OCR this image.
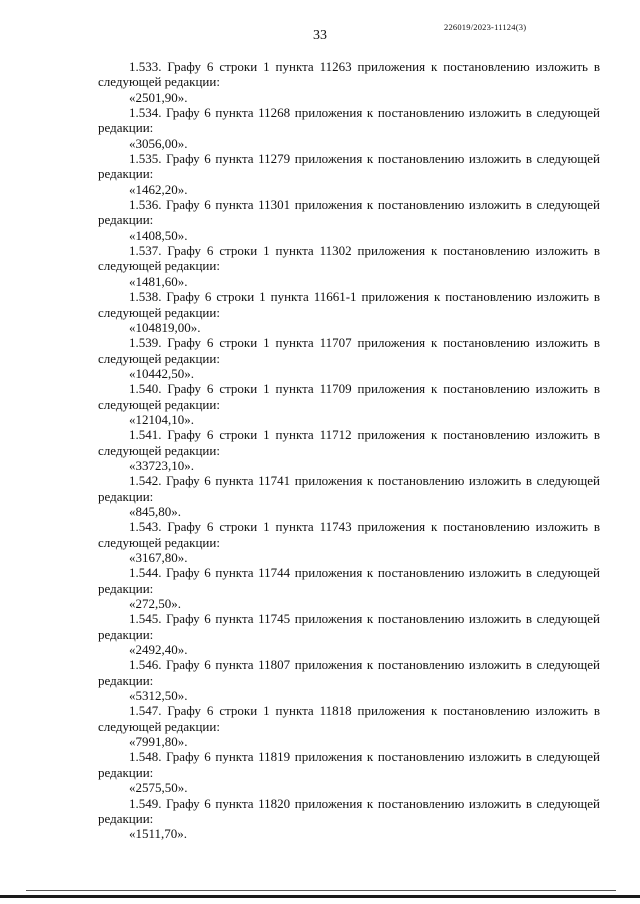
226019/2023-11124(3)
33

1.533. Графу 6 строки 1 пункта 11263 приложения к постановлению изложить в следующей редакции:

«2501,90».

1.534. Графу 6 пункта 11268 приложения к постановлению изложить в следующей редакции:

«3056,00».

1.535. Графу 6 пункта 11279 приложения к постановлению изложить в следующей редакции:

«1462,20».

1.536. Графу 6 пункта 11301 приложения к постановлению изложить в следующей редакции:

«1408,50».

1.537. Графу 6 строки 1 пункта 11302 приложения к постановлению изложить в следующей редакции:

«1481,60».

1.538. Графу 6 строки 1 пункта 11661-1 приложения к постановлению изложить в следующей редакции:

«104819,00».

1.539. Графу 6 строки 1 пункта 11707 приложения к постановлению изложить в следующей редакции:

«10442,50».

1.540. Графу 6 строки 1 пункта 11709 приложения к постановлению изложить в следующей редакции:

«12104,10».

1.541. Графу 6 строки 1 пункта 11712 приложения к постановлению изложить в следующей редакции:

«33723,10».

1.542. Графу 6 пункта 11741 приложения к постановлению изложить в следующей редакции:

«845,80».

1.543. Графу 6 строки 1 пункта 11743 приложения к постановлению изложить в следующей редакции:

«3167,80».

1.544. Графу 6 пункта 11744 приложения к постановлению изложить в следующей редакции:

«272,50».

1.545. Графу 6 пункта 11745 приложения к постановлению изложить в следующей редакции:

«2492,40».

1.546. Графу 6 пункта 11807 приложения к постановлению изложить в следующей редакции:

«5312,50».

1.547. Графу 6 строки 1 пункта 11818 приложения к постановлению изложить в следующей редакции:

«7991,80».

1.548. Графу 6 пункта 11819 приложения к постановлению изложить в следующей редакции:

«2575,50».

1.549. Графу 6 пункта 11820 приложения к постановлению изложить в следующей редакции:

«1511,70».
